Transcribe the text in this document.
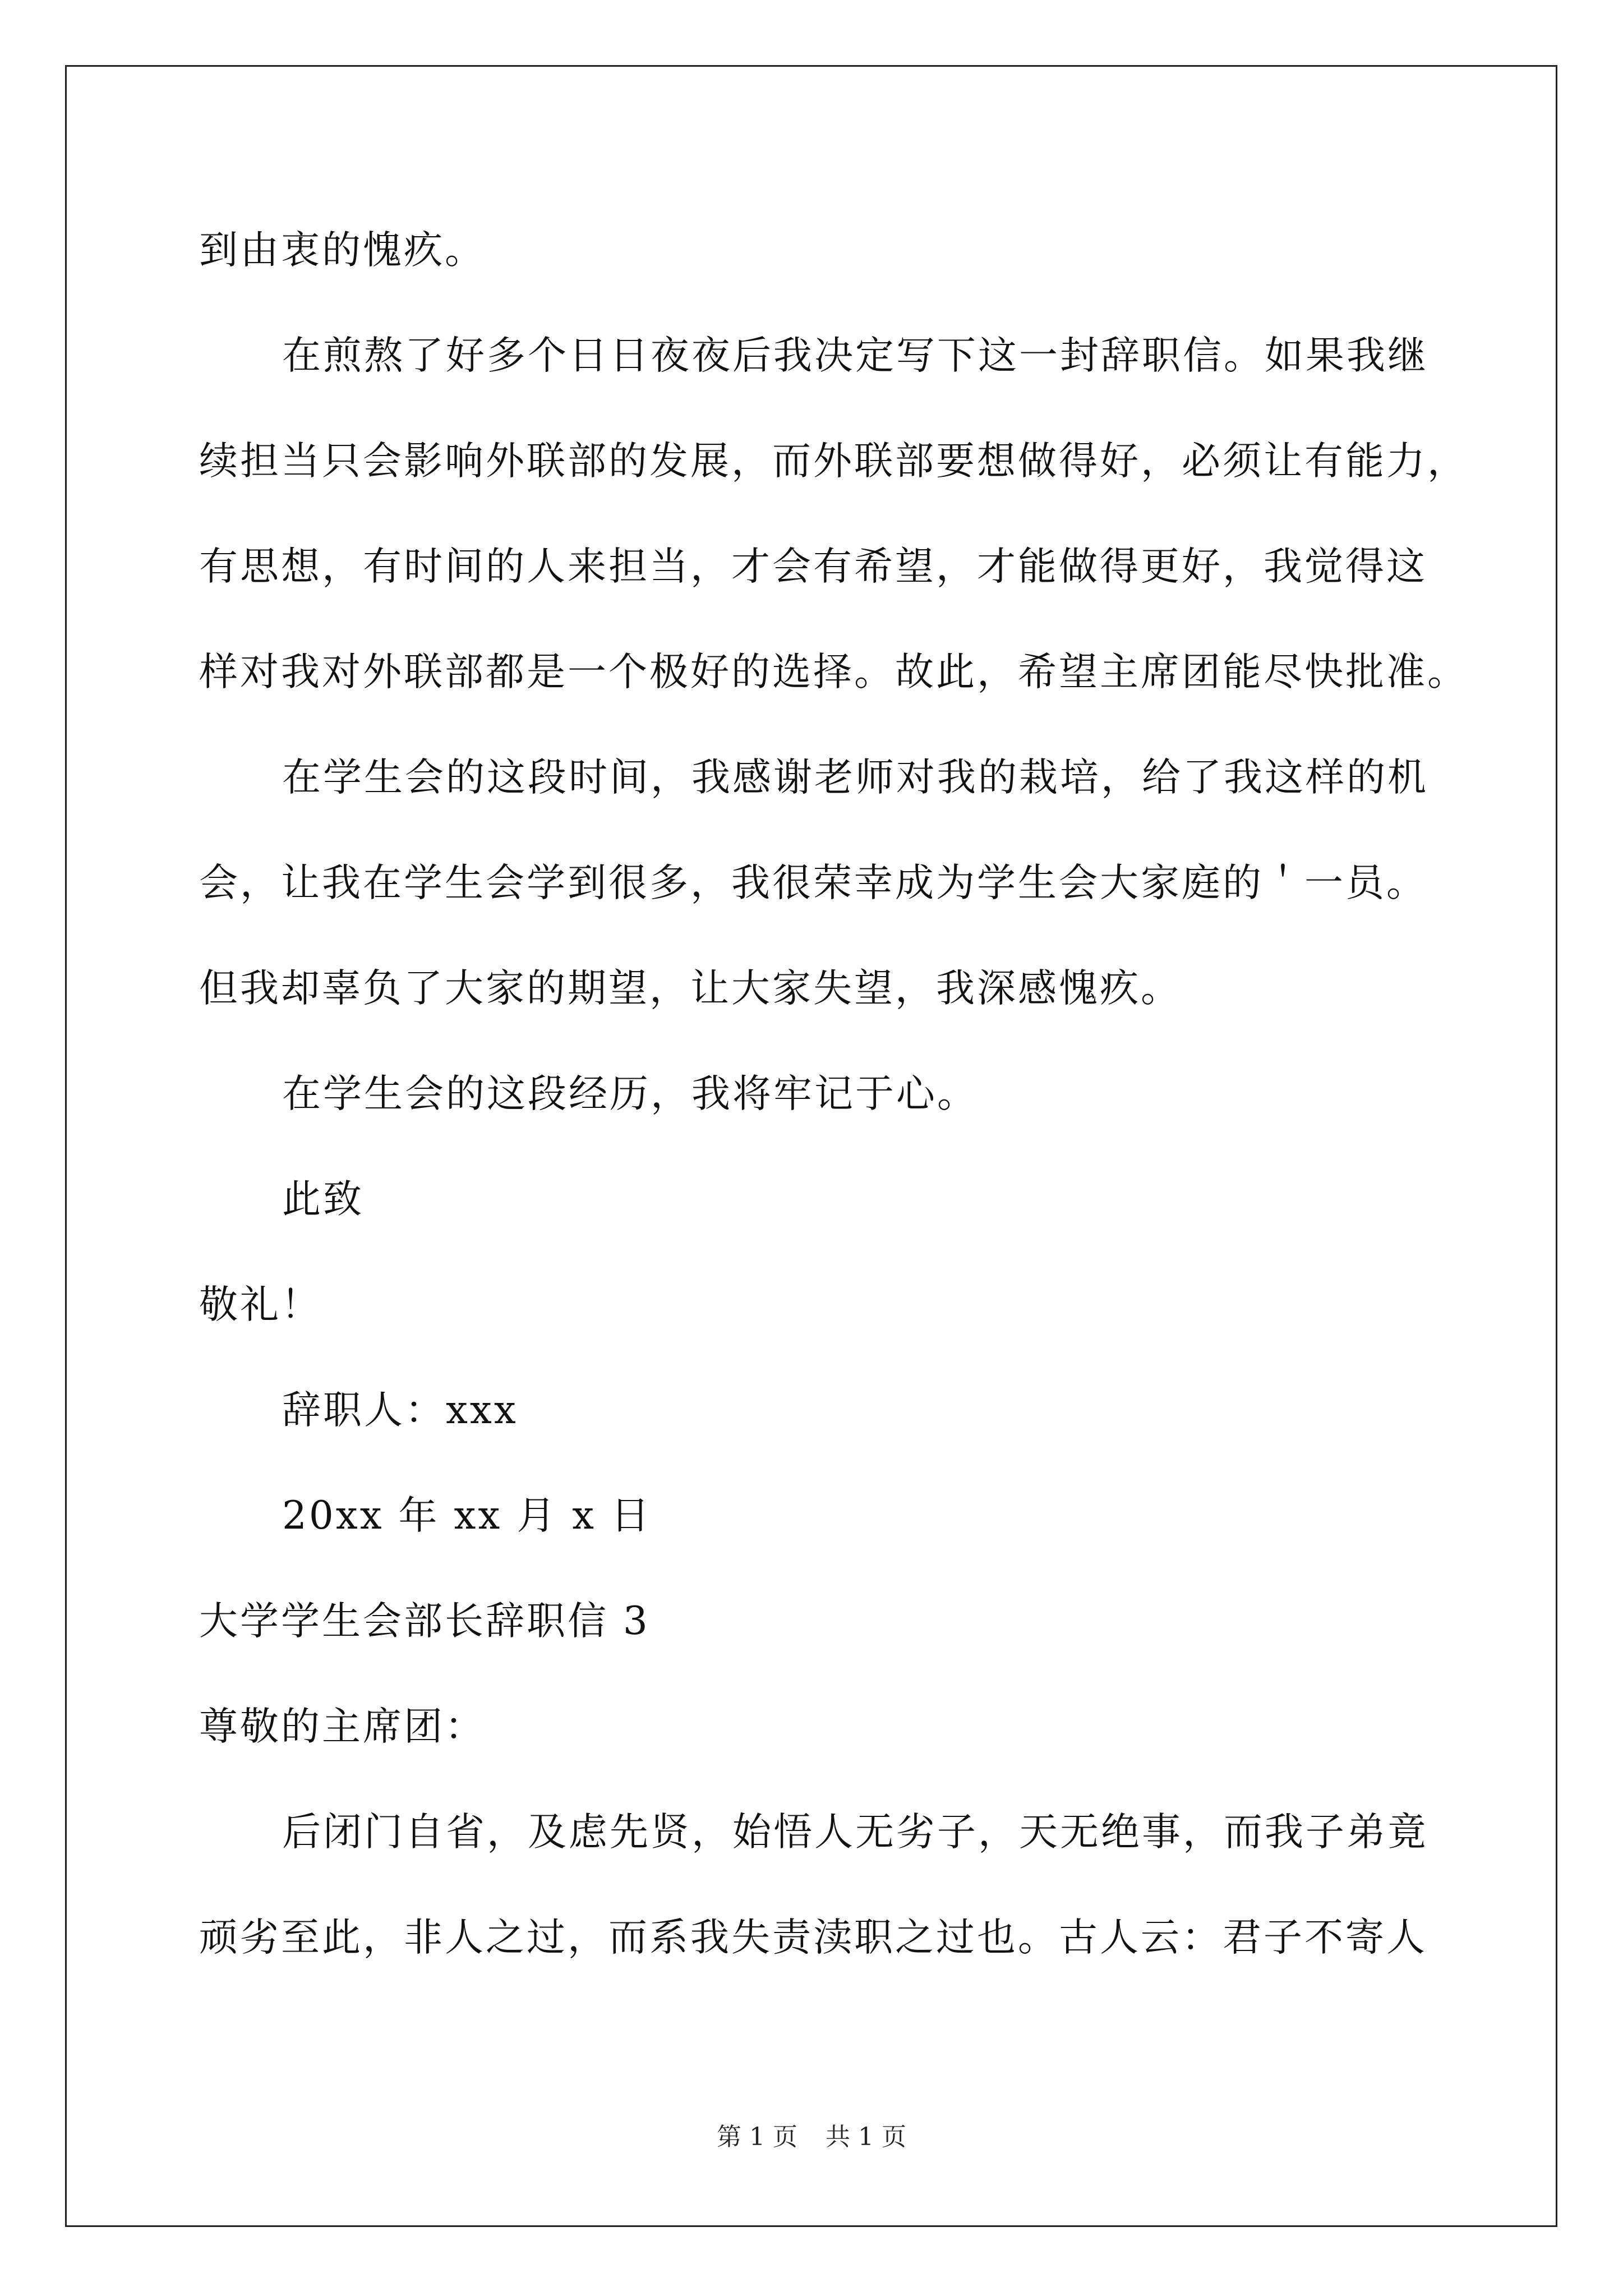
到由衷的愧疚。
在煎熬了好多个日日夜夜后我决定写下这一封辞职信。如果我继
续担当只会影响外联部的发展，而外联部要想做得好，必须让有能力，
有思想，有时间的人来担当，才会有希望，才能做得更好，我觉得这
样对我对外联部都是一个极好的选择。故此，希望主席团能尽快批准。
在学生会的这段时间，我感谢老师对我的栽培，给了我这样的机
会，让我在学生会学到很多，我很荣幸成为学生会大家庭的＇一员。
但我却辜负了大家的期望，让大家失望，我深感愧疚。
在学生会的这段经历，我将牢记于心。
此致
敬礼！
辞职人：xxx
20xx 年 xx 月 x 日
大学学生会部长辞职信 3
尊敬的主席团：
后闭门自省，及虑先贤，始悟人无劣子，天无绝事，而我子弟竟
顽劣至此，非人之过，而系我失责渎职之过也。古人云：君子不寄人
第 1 页 共 1 页
